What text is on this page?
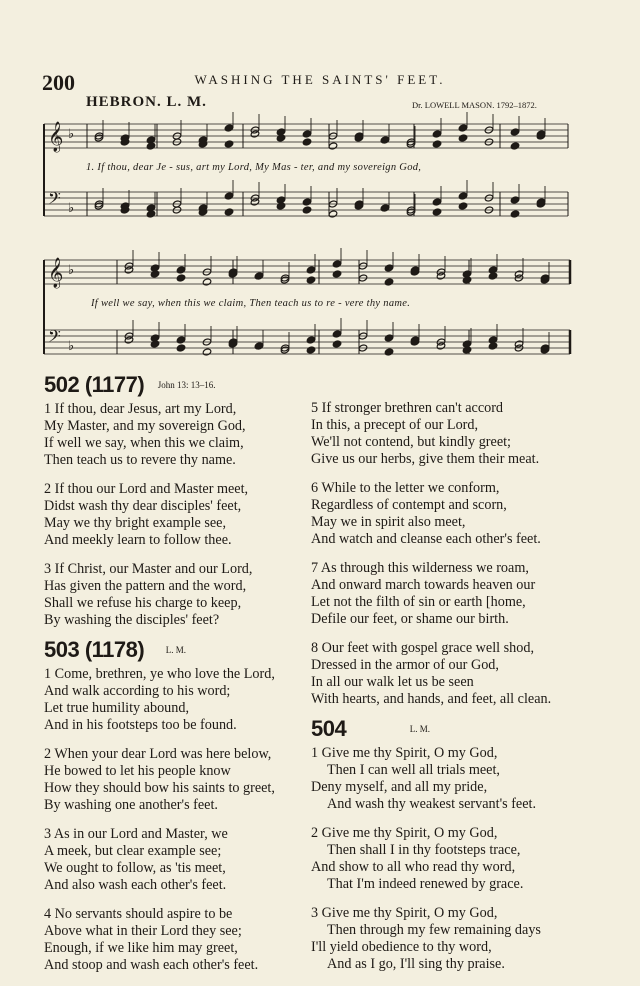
200	WASHING THE SAINTS' FEET.
HEBRON. L. M.	Dr. LOWELL MASON. 1792–1872.
𝄞 ♭
𝄢 ♭
𝄞 ♭
𝄢 ♭
1. If thou, dear Je - sus, art my Lord, My Mas - ter, and my sovereign God,
If well we say, when this we claim, Then teach us to re - vere thy name.
502 (1177) $^{John 13: 13-16.}$
1 If thou, dear Jesus, art my Lord,
My Master, and my sovereign God,
If well we say, when this we claim,
Then teach us to revere thy name.
2 If thou our Lord and Master meet,
Didst wash thy dear disciples' feet,
May we thy bright example see,
And meekly learn to follow thee.
3 If Christ, our Master and our Lord,
Has given the pattern and the word,
Shall we refuse his charge to keep,
By washing the disciples' feet?
503 (1178) $^{L. M.}$
1 Come, brethren, ye who love the Lord,
And walk according to his word;
Let true humility abound,
And in his footsteps too be found.
2 When your dear Lord was here below,
He bowed to let his people know
How they should bow his saints to greet,
By washing one another's feet.
3 As in our Lord and Master, we
A meek, but clear example see;
We ought to follow, as 'tis meet,
And also wash each other's feet.
4 No servants should aspire to be
Above what in their Lord they see;
Enough, if we like him may greet,
And stoop and wash each other's feet.
5 If stronger brethren can't accord
In this, a precept of our Lord,
We'll not contend, but kindly greet;
Give us our herbs, give them their meat.
6 While to the letter we conform,
Regardless of contempt and scorn,
May we in spirit also meet,
And watch and cleanse each other's feet.
7 As through this wilderness we roam,
And onward march towards heaven our
Let not the filth of sin or earth [home,
Defile our feet, or shame our birth.
8 Our feet with gospel grace well shod,
Dressed in the armor of our God,
In all our walk let us be seen
With hearts, and hands, and feet, all clean.
504	$^{L. M.}$
1 Give me thy Spirit, O my God,
Then I can well all trials meet,
Deny myself, and all my pride,
And wash thy weakest servant's feet.
2 Give me thy Spirit, O my God,
Then shall I in thy footsteps trace,
And show to all who read thy word,
That I'm indeed renewed by grace.
3 Give me thy Spirit, O my God,
Then through my few remaining days
I'll yield obedience to thy word,
And as I go, I'll sing thy praise.
